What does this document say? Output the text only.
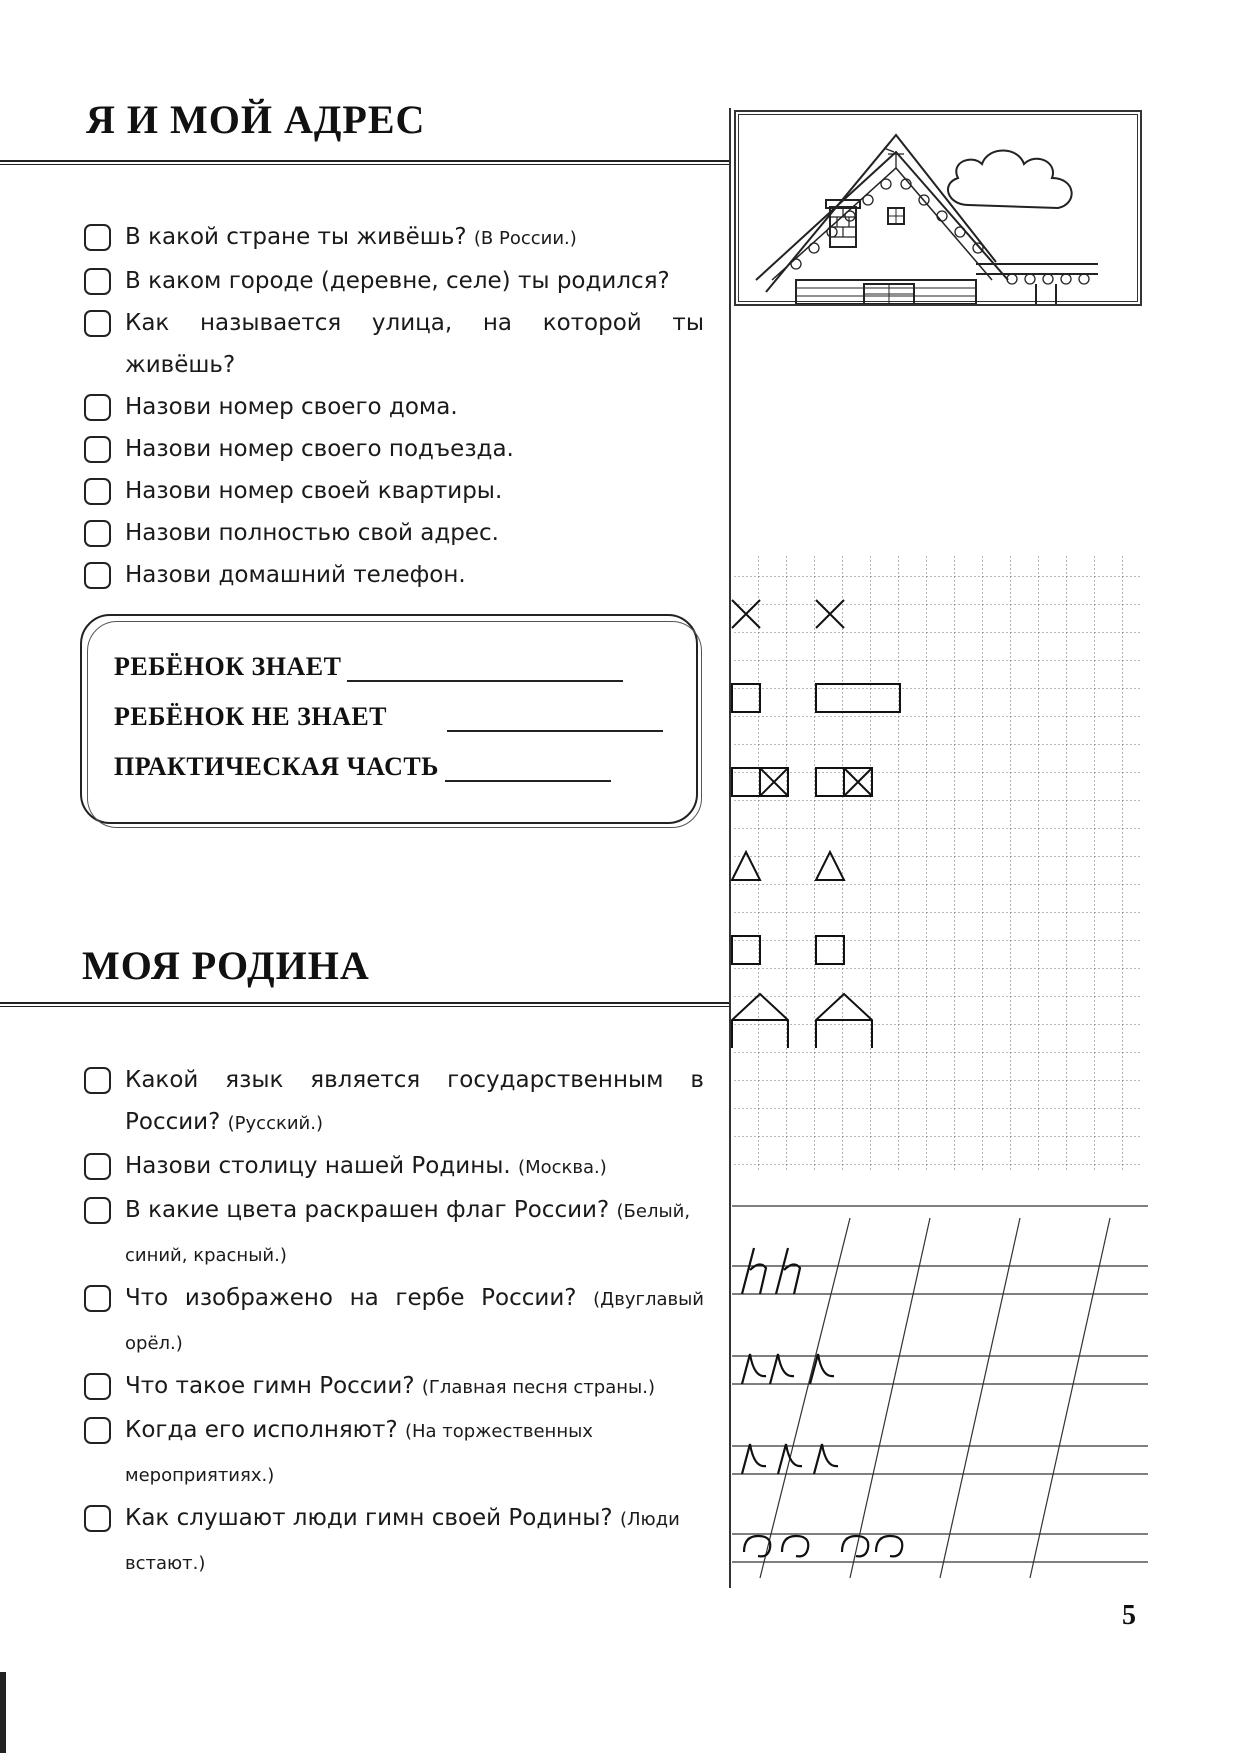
Я И МОЙ АДРЕС
В какой стране ты живёшь? (В России.)
В каком городе (деревне, селе) ты родился?
Как называется улица, на которой ты живёшь?
Назови номер своего дома.
Назови номер своего подъезда.
Назови номер своей квартиры.
Назови полностью свой адрес.
Назови домашний телефон.
РЕБЁНОК ЗНАЕТ
РЕБЁНОК НЕ ЗНАЕТ
ПРАКТИЧЕСКАЯ ЧАСТЬ
МОЯ РОДИНА
Какой язык является государственным в России? (Русский.)
Назови столицу нашей Родины. (Москва.)
В какие цвета раскрашен флаг России? (Белый, синий, красный.)
Что изображено на гербе России? (Двуглавый орёл.)
Что такое гимн России? (Главная песня страны.)
Когда его исполняют? (На торжественных мероприятиях.)
Как слушают люди гимн своей Родины? (Люди встают.)
5
